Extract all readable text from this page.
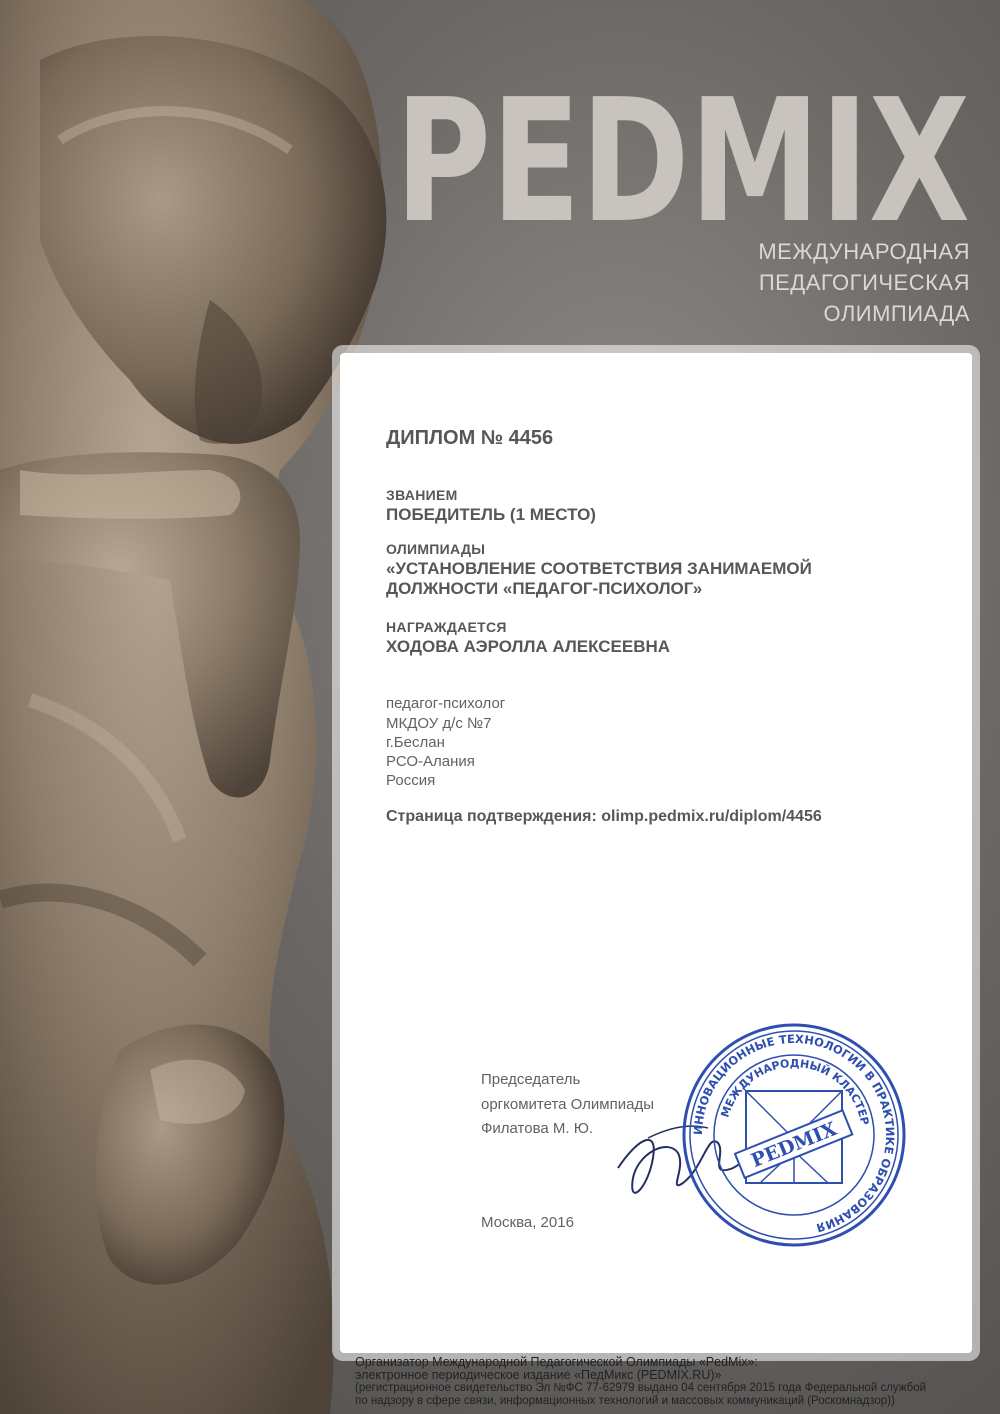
PEDMIX
МЕЖДУНАРОДНАЯ
ПЕДАГОГИЧЕСКАЯ
ОЛИМПИАДА
ДИПЛОМ № 4456
ЗВАНИЕМ
ПОБЕДИТЕЛЬ (1 МЕСТО)
ОЛИМПИАДЫ
«УСТАНОВЛЕНИЕ СООТВЕТСТВИЯ ЗАНИМАЕМОЙ
ДОЛЖНОСТИ «ПЕДАГОГ-ПСИХОЛОГ»
НАГРАЖДАЕТСЯ
ХОДОВА АЭРОЛЛА АЛЕКСЕЕВНА
педагог-психолог
МКДОУ д/с №7
г.Беслан
РСО-Алания
Россия
Страница подтверждения: olimp.pedmix.ru/diplom/4456
Председатель
оргкомитета Олимпиады
Филатова М. Ю.
Москва, 2016
ИННОВАЦИОННЫЕ ТЕХНОЛОГИИ В ПРАКТИКЕ ОБРАЗОВАНИЯ
МЕЖДУНАРОДНЫЙ КЛАСТЕР
PEDMIX
Организатор Международной Педагогической Олимпиады «PedMix»:
электронное периодическое издание «ПедМикс (PEDMIX.RU)»
(регистрационное свидетельство Эл №ФС 77-62979 выдано 04 сентября 2015 года Федеральной службой
по надзору в сфере связи, информационных технологий и массовых коммуникаций (Роскомнадзор))
